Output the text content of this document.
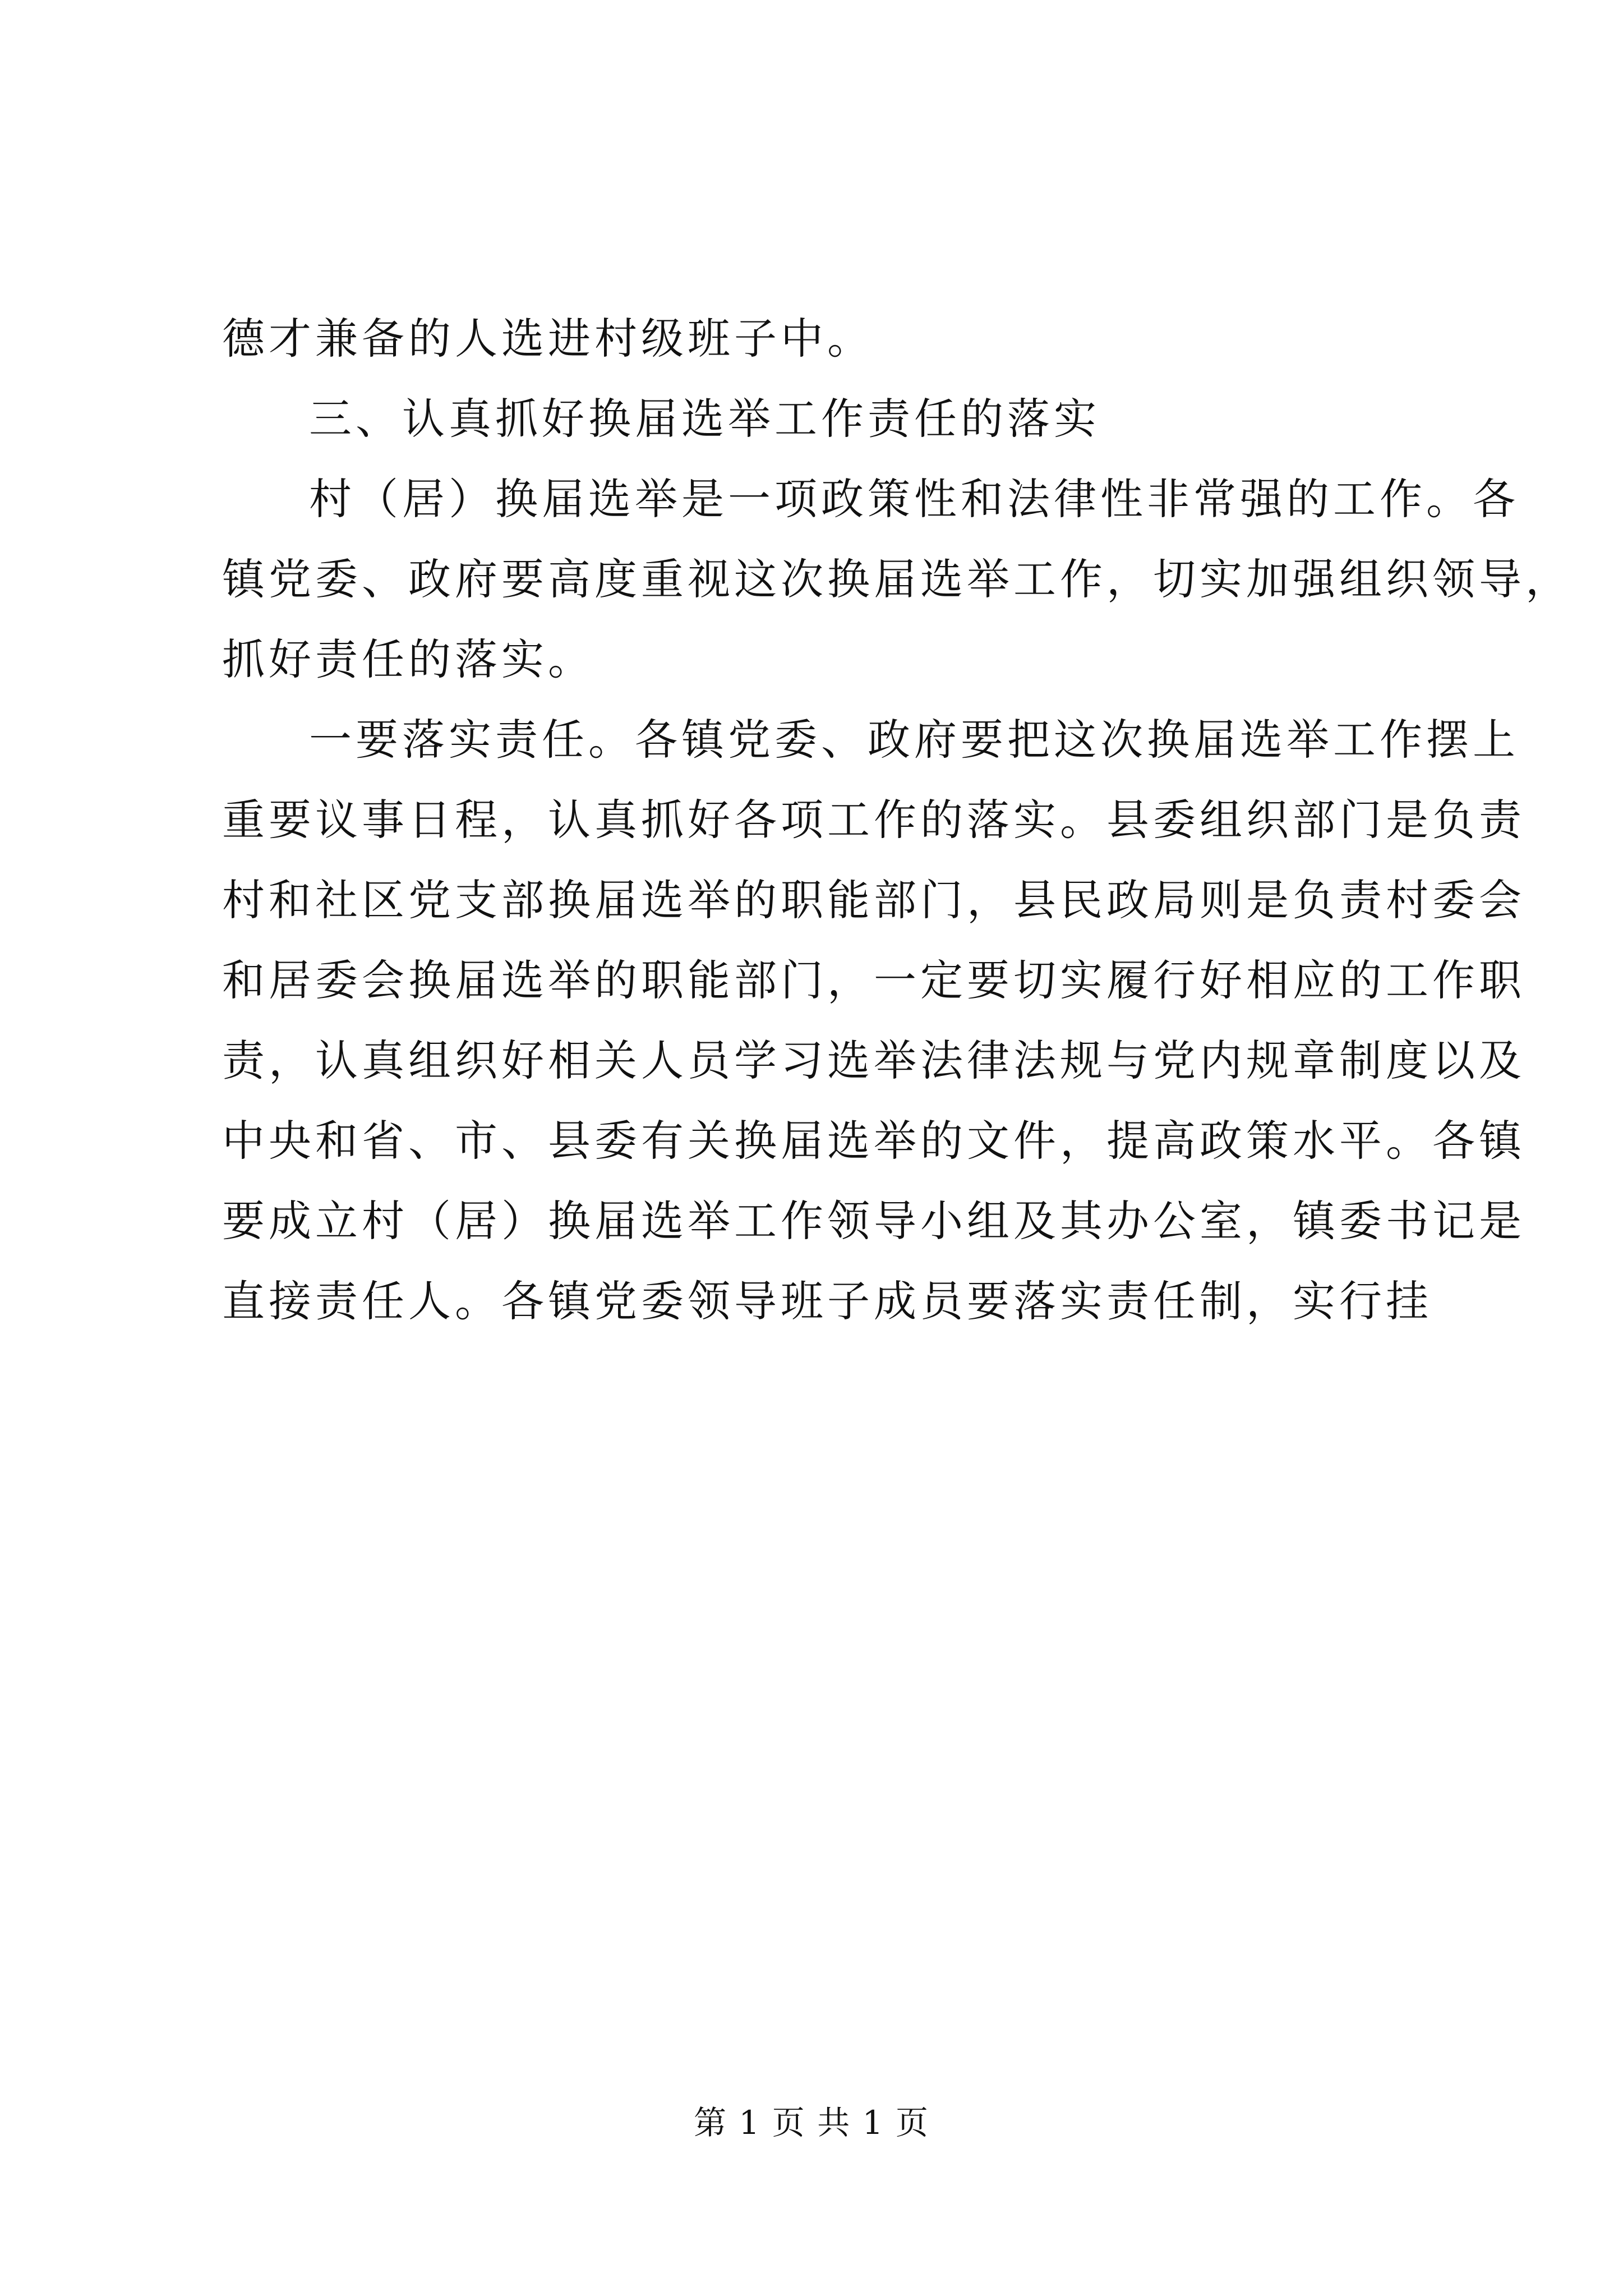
德才兼备的人选进村级班子中。
三、认真抓好换届选举工作责任的落实
村（居）换届选举是一项政策性和法律性非常强的工作。各
镇党委、政府要高度重视这次换届选举工作，切实加强组织领导，
抓好责任的落实。
一要落实责任。各镇党委、政府要把这次换届选举工作摆上
重要议事日程，认真抓好各项工作的落实。县委组织部门是负责
村和社区党支部换届选举的职能部门，县民政局则是负责村委会
和居委会换届选举的职能部门，一定要切实履行好相应的工作职
责，认真组织好相关人员学习选举法律法规与党内规章制度以及
中央和省、市、县委有关换届选举的文件，提高政策水平。各镇
要成立村（居）换届选举工作领导小组及其办公室，镇委书记是
直接责任人。各镇党委领导班子成员要落实责任制，实行挂
第 1 页 共 1 页
